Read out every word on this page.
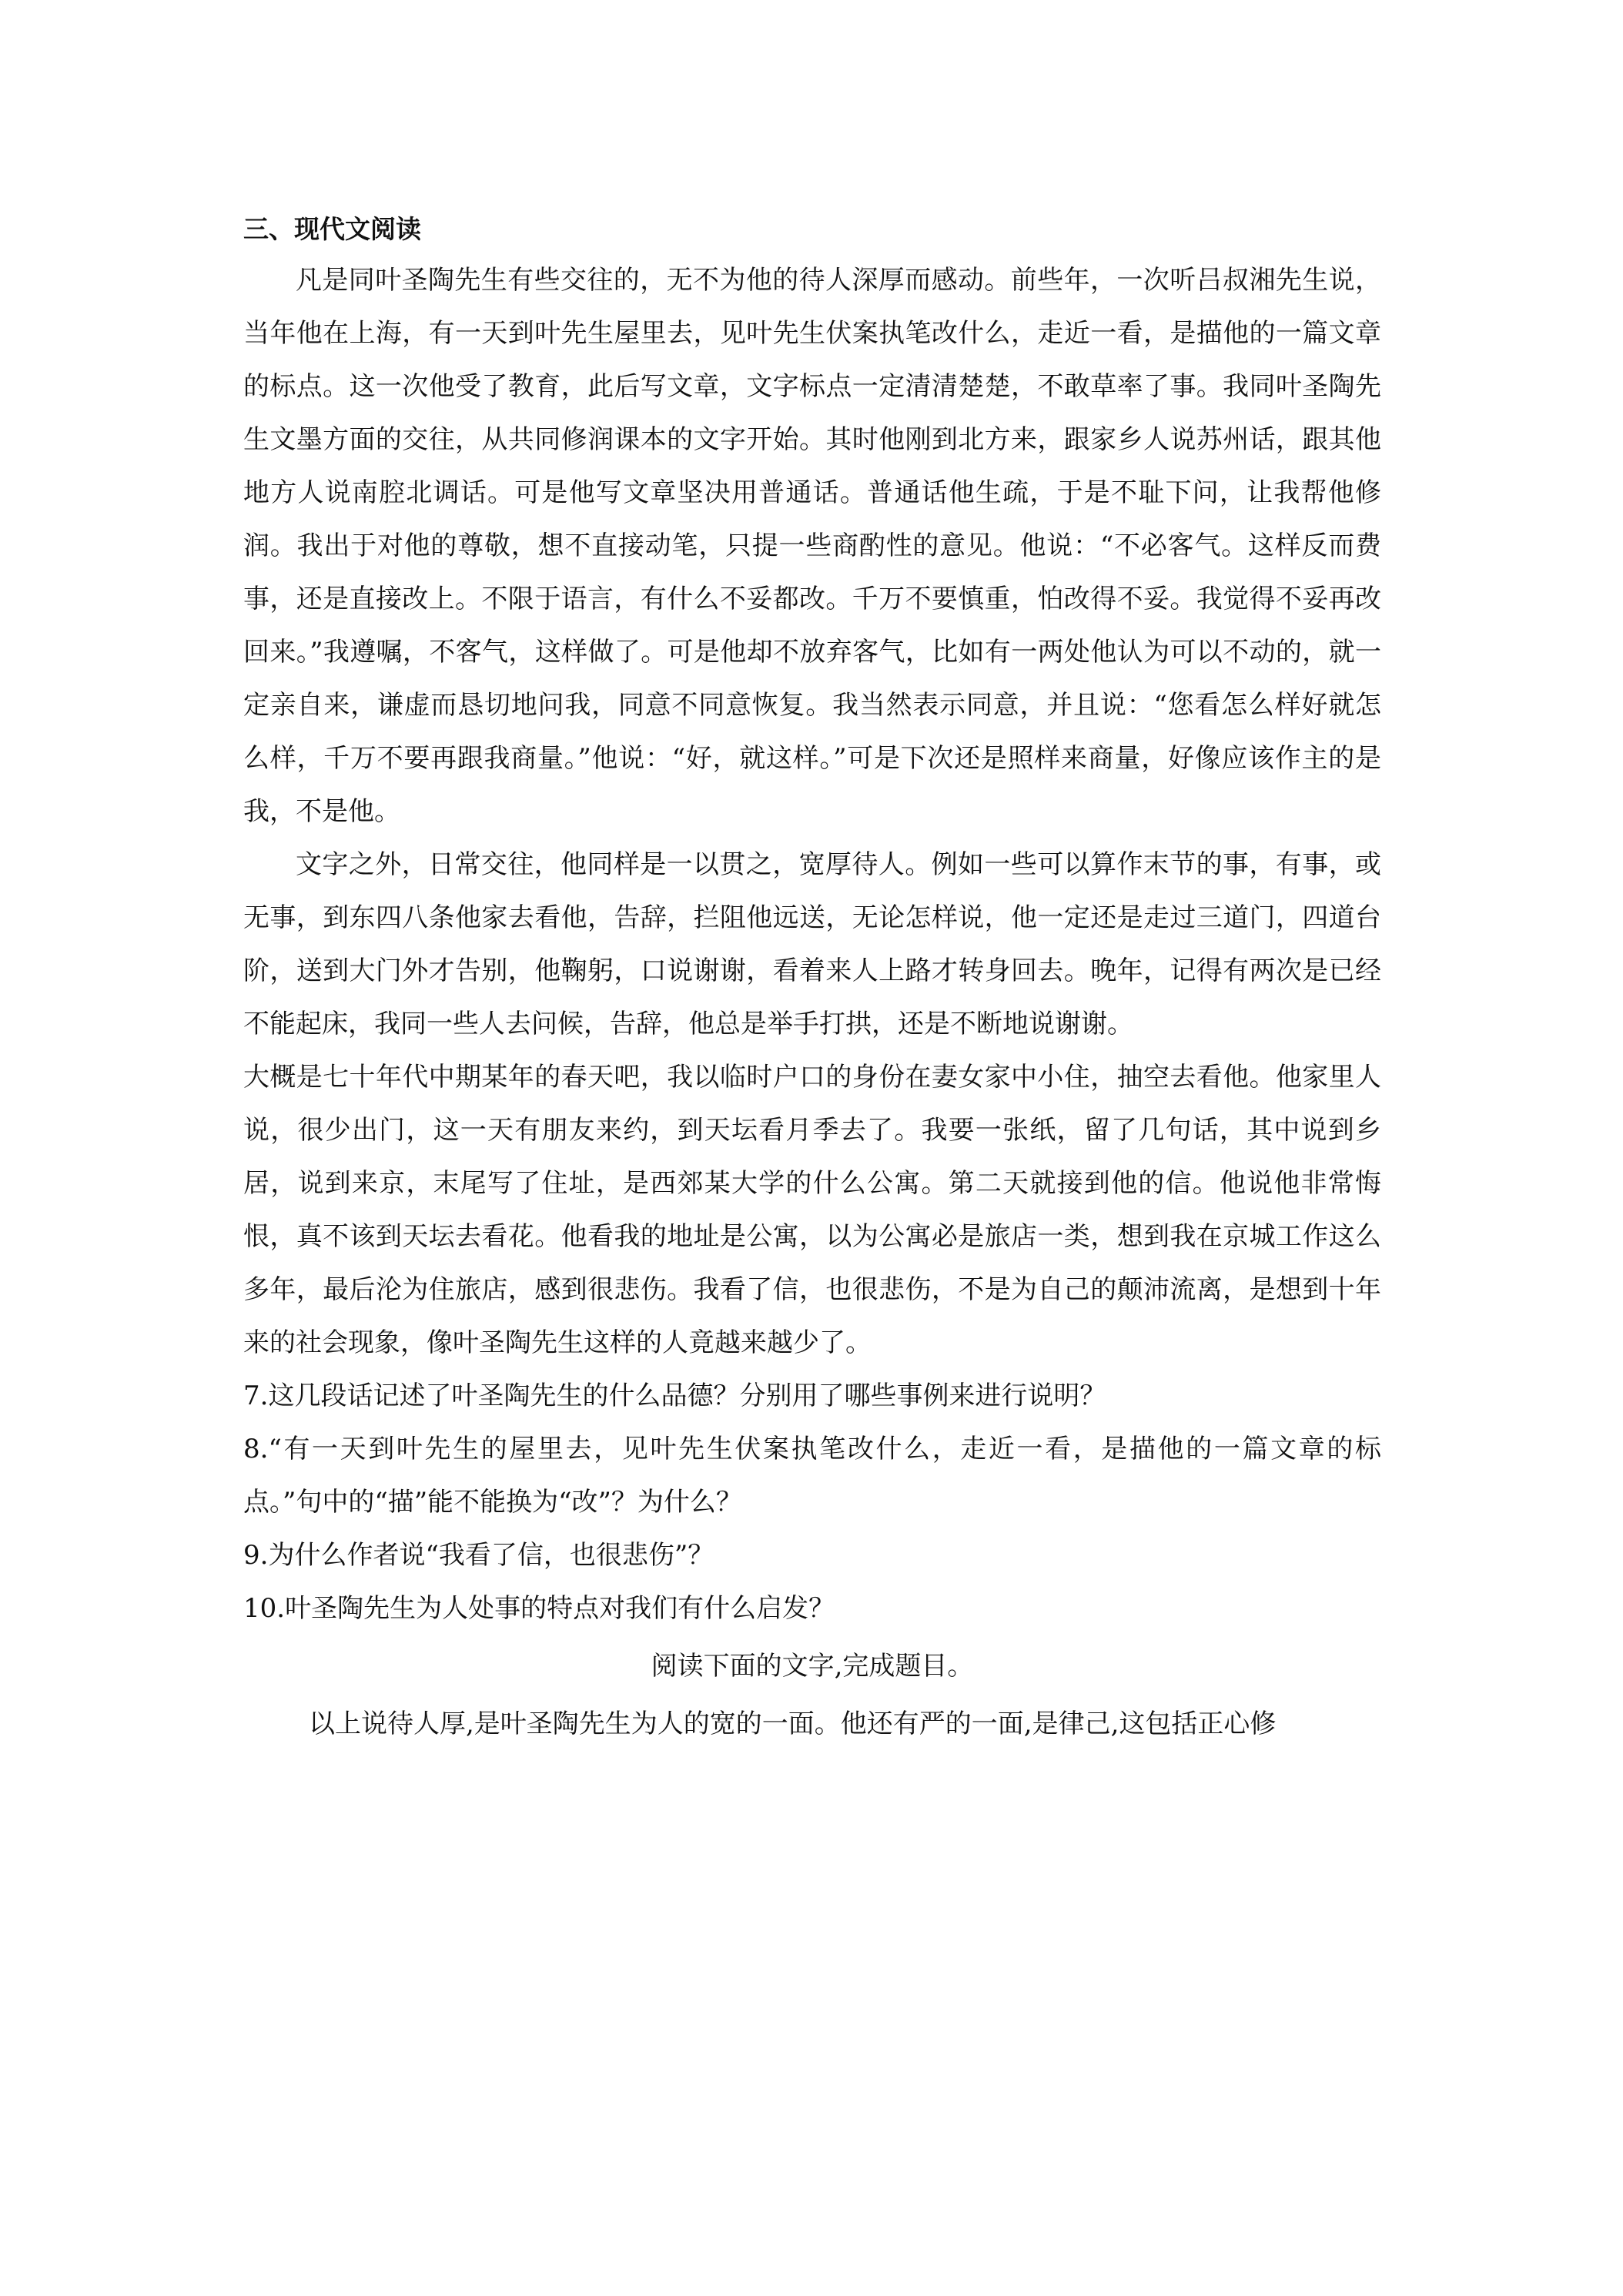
三、现代文阅读

凡是同叶圣陶先生有些交往的，无不为他的待人深厚而感动。前些年，一次听吕叔湘先生说，当年他在上海，有一天到叶先生屋里去，见叶先生伏案执笔改什么，走近一看，是描他的一篇文章的标点。这一次他受了教育，此后写文章，文字标点一定清清楚楚，不敢草率了事。我同叶圣陶先生文墨方面的交往，从共同修润课本的文字开始。其时他刚到北方来，跟家乡人说苏州话，跟其他地方人说南腔北调话。可是他写文章坚决用普通话。普通话他生疏，于是不耻下问，让我帮他修润。我出于对他的尊敬，想不直接动笔，只提一些商酌性的意见。他说：“不必客气。这样反而费事，还是直接改上。不限于语言，有什么不妥都改。千万不要慎重，怕改得不妥。我觉得不妥再改回来。”我遵嘱，不客气，这样做了。可是他却不放弃客气，比如有一两处他认为可以不动的，就一定亲自来，谦虚而恳切地问我，同意不同意恢复。我当然表示同意，并且说：“您看怎么样好就怎么样，千万不要再跟我商量。”他说：“好，就这样。”可是下次还是照样来商量，好像应该作主的是我，不是他。

文字之外，日常交往，他同样是一以贯之，宽厚待人。例如一些可以算作末节的事，有事，或无事，到东四八条他家去看他，告辞，拦阻他远送，无论怎样说，他一定还是走过三道门，四道台阶，送到大门外才告别，他鞠躬，口说谢谢，看着来人上路才转身回去。晚年，记得有两次是已经不能起床，我同一些人去问候，告辞，他总是举手打拱，还是不断地说谢谢。

大概是七十年代中期某年的春天吧，我以临时户口的身份在妻女家中小住，抽空去看他。他家里人说，很少出门，这一天有朋友来约，到天坛看月季去了。我要一张纸，留了几句话，其中说到乡居，说到来京，末尾写了住址，是西郊某大学的什么公寓。第二天就接到他的信。他说他非常悔恨，真不该到天坛去看花。他看我的地址是公寓，以为公寓必是旅店一类，想到我在京城工作这么多年，最后沦为住旅店，感到很悲伤。我看了信，也很悲伤，不是为自己的颠沛流离，是想到十年来的社会现象，像叶圣陶先生这样的人竟越来越少了。

7.这几段话记述了叶圣陶先生的什么品德？分别用了哪些事例来进行说明？

8.“有一天到叶先生的屋里去，见叶先生伏案执笔改什么，走近一看，是描他的一篇文章的标点。”句中的“描”能不能换为“改”？为什么？

9.为什么作者说“我看了信，也很悲伤”？

10.叶圣陶先生为人处事的特点对我们有什么启发？

阅读下面的文字,完成题目。

以上说待人厚,是叶圣陶先生为人的宽的一面。他还有严的一面,是律己,这包括正心修
